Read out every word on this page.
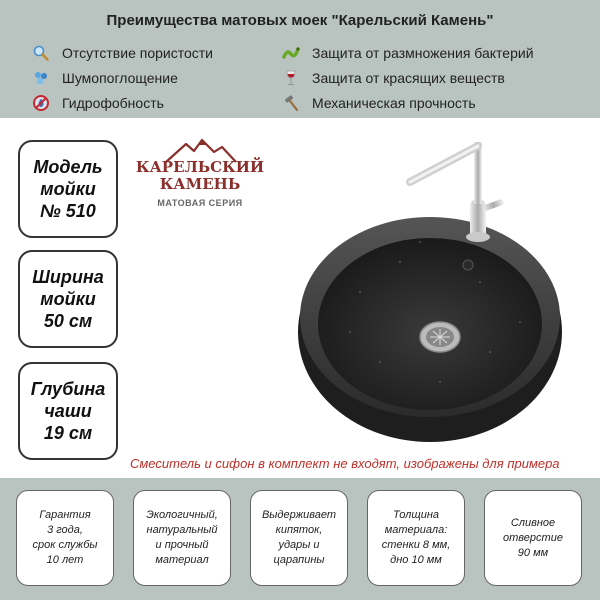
Преимущества матовых моек "Карельский Камень"
Отсутствие пористости	Защита от размножения бактерий
Шумопоглощение	Защита от красящих веществ
Гидрофобность	Механическая прочность
Модель
мойки
№ 510
Ширина
мойки
50 см
Глубина
чаши
19 см
КАРЕЛЬСКИЙ
КАМЕНЬ
МАТОВАЯ СЕРИЯ
Смеситель и сифон в комплект не входят, изображены для примера
Гарантия
3 года,
срок службы
10 лет
Экологичный,
натуральный
и прочный
материал
Выдерживает
кипяток,
удары и
царапины
Толщина
материала:
стенки 8 мм,
дно 10 мм
Сливное
отверстие
90 мм
